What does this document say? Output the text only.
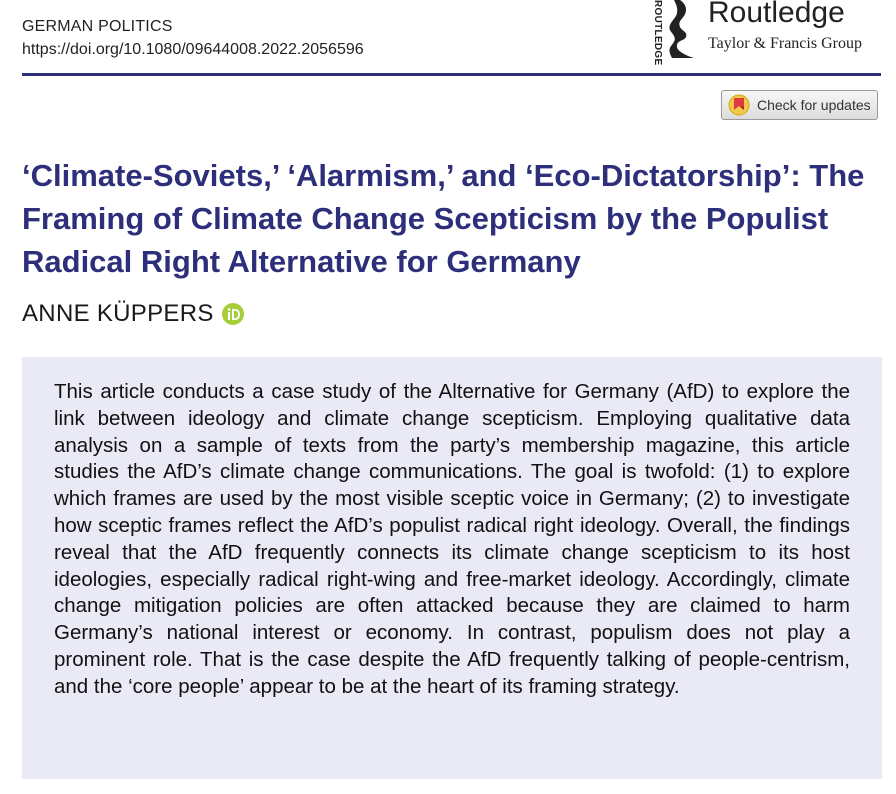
GERMAN POLITICS
https://doi.org/10.1080/09644008.2022.2056596	ROUTLEDGE Routledge
Taylor & Francis Group
Check for updates
‘Climate-Soviets,’ ‘Alarmism,’ and ‘Eco-Dictatorship’: The Framing of Climate Change Scepticism by the Populist Radical Right Alternative for Germany
ANNE KÜPPERS

This article conducts a case study of the Alternative for Germany (AfD) to explore the link between ideology and climate change scepticism. Employing qualitative data analysis on a sample of texts from the party’s membership magazine, this article studies the AfD’s climate change communications. The goal is twofold: (1) to explore which frames are used by the most visible sceptic voice in Germany; (2) to investigate how sceptic frames reflect the AfD’s populist radical right ideology. Overall, the findings reveal that the AfD frequently connects its climate change scepticism to its host ideologies, especially radical right-wing and free-market ideology. Accordingly, climate change mitigation policies are often attacked because they are claimed to harm Germany’s national interest or economy. In contrast, populism does not play a prominent role. That is the case despite the AfD frequently talking of people-centrism, and the ‘core people’ appear to be at the heart of its framing strategy.
